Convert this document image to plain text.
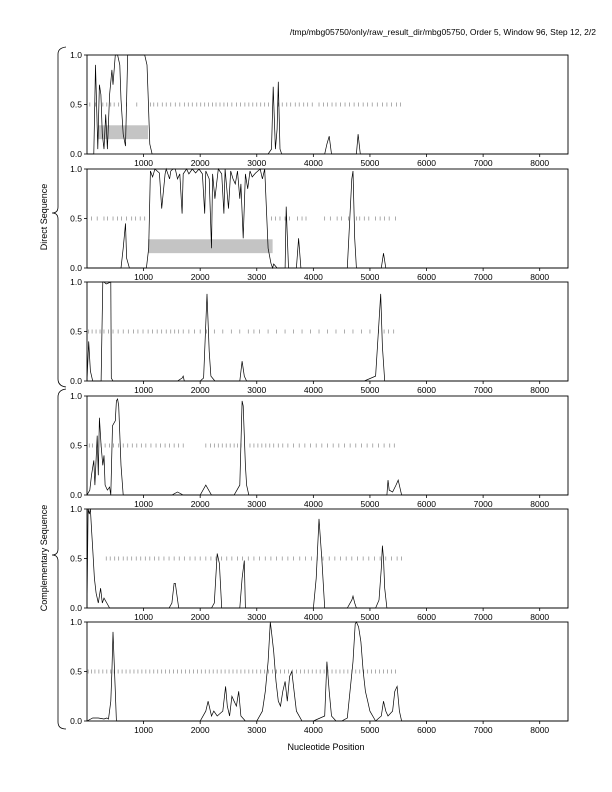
/tmp/mbg05750/only/raw_result_dir/mbg05750, Order 5, Window 96, Step 12, 2/2
Direct Sequence
Complementary Sequence
Nucleotide Position
0.0
0.5
1.0
1000	2000	3000	4000	5000	6000	7000	8000
0.0
0.5
1.0
1000	2000	3000	4000	5000	6000	7000	8000
0.0
0.5
1.0
1000	2000	3000	4000	5000	6000	7000	8000
0.0
0.5
1.0
1000	2000	3000	4000	5000	6000	7000	8000
0.0
0.5
1.0
1000	2000	3000	4000	5000	6000	7000	8000
0.0
0.5
1.0
1000	2000	3000	4000	5000	6000	7000	8000
